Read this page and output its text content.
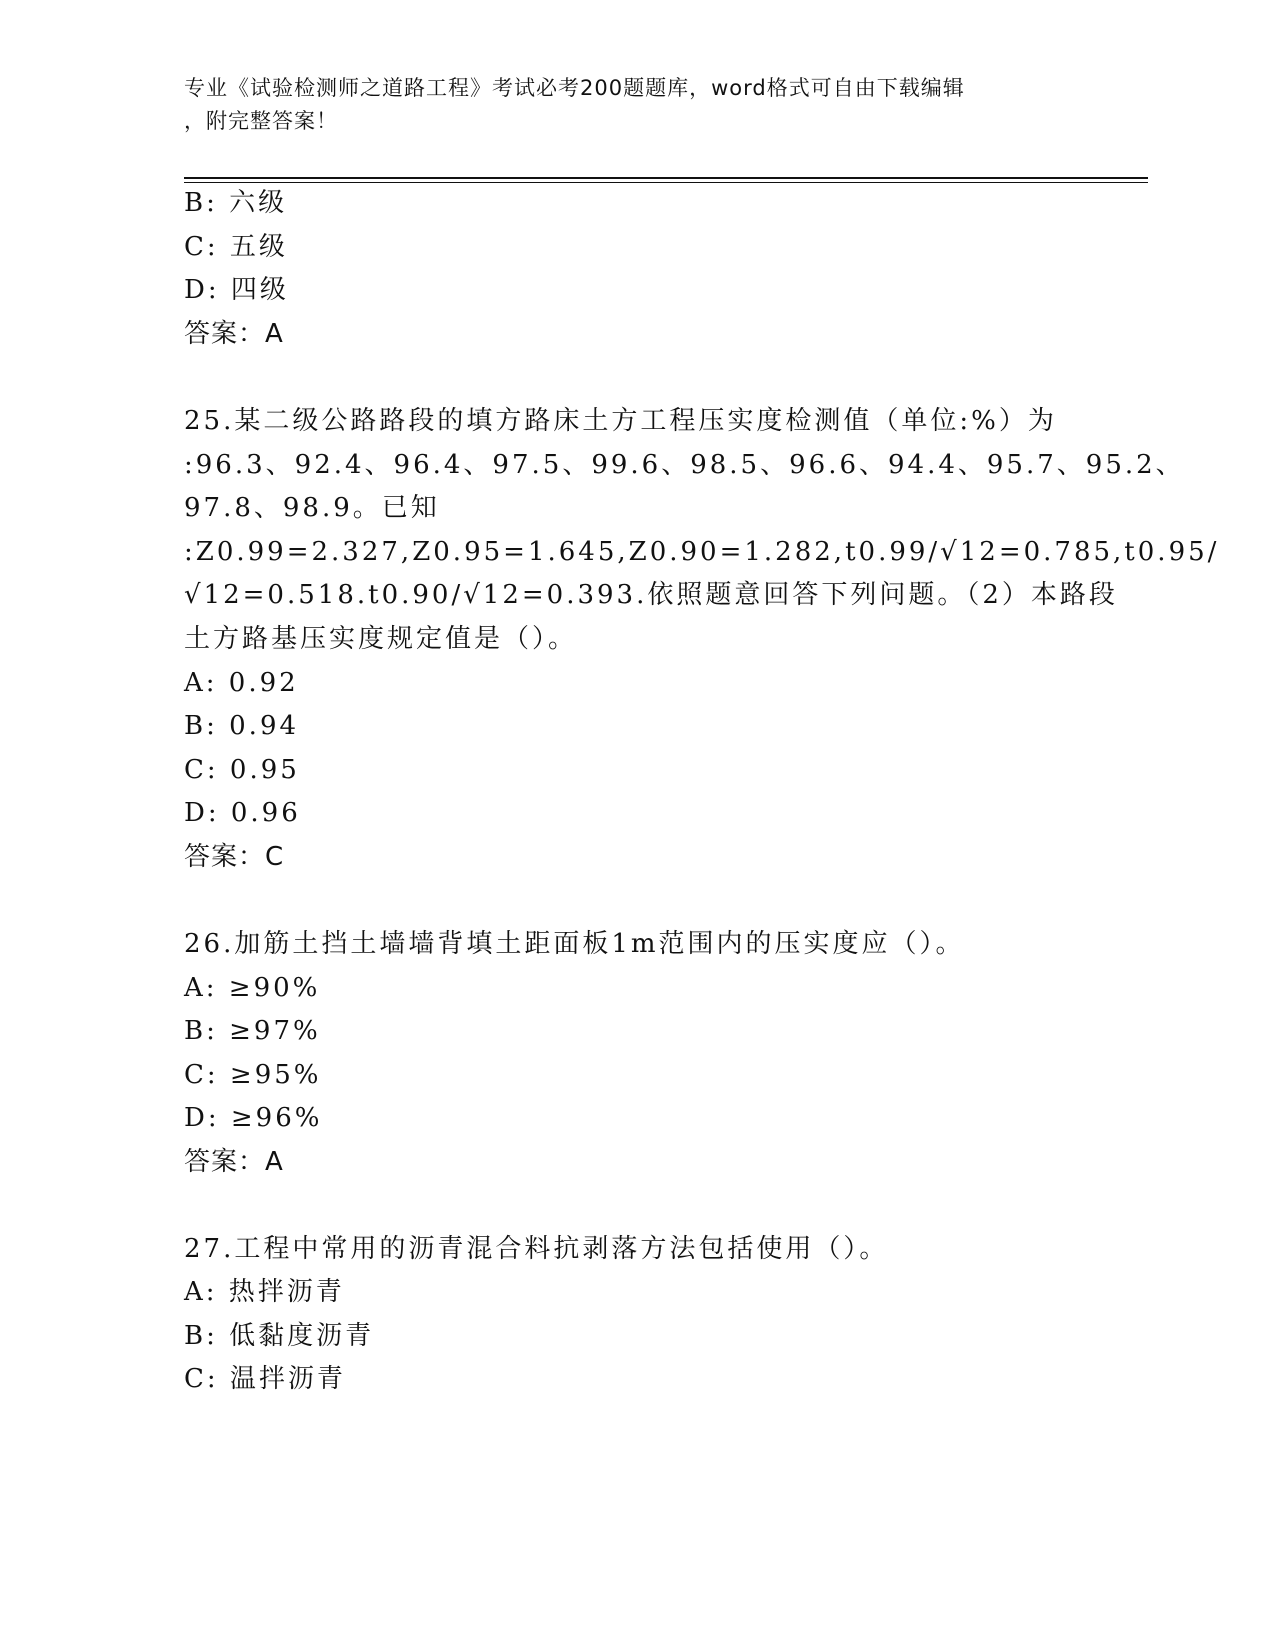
专业《试验检测师之道路工程》考试必考200题题库，word格式可自由下载编辑
，附完整答案！
B: 六级
C: 五级
D: 四级
答案：A
25.某二级公路路段的填方路床土方工程压实度检测值（单位:%）为
:96.3、92.4、96.4、97.5、99.6、98.5、96.6、94.4、95.7、95.2、
97.8、98.9。已知
:Z0.99=2.327,Z0.95=1.645,Z0.90=1.282,t0.99/√12=0.785,t0.95/
√12=0.518.t0.90/√12=0.393.依照题意回答下列问题。（2）本路段
土方路基压实度规定值是（）。
A: 0.92
B: 0.94
C: 0.95
D: 0.96
答案：C
26.加筋土挡土墙墙背填土距面板1m范围内的压实度应（）。
A: ≥90%
B: ≥97%
C: ≥95%
D: ≥96%
答案：A
27.工程中常用的沥青混合料抗剥落方法包括使用（）。
A: 热拌沥青
B: 低黏度沥青
C: 温拌沥青
